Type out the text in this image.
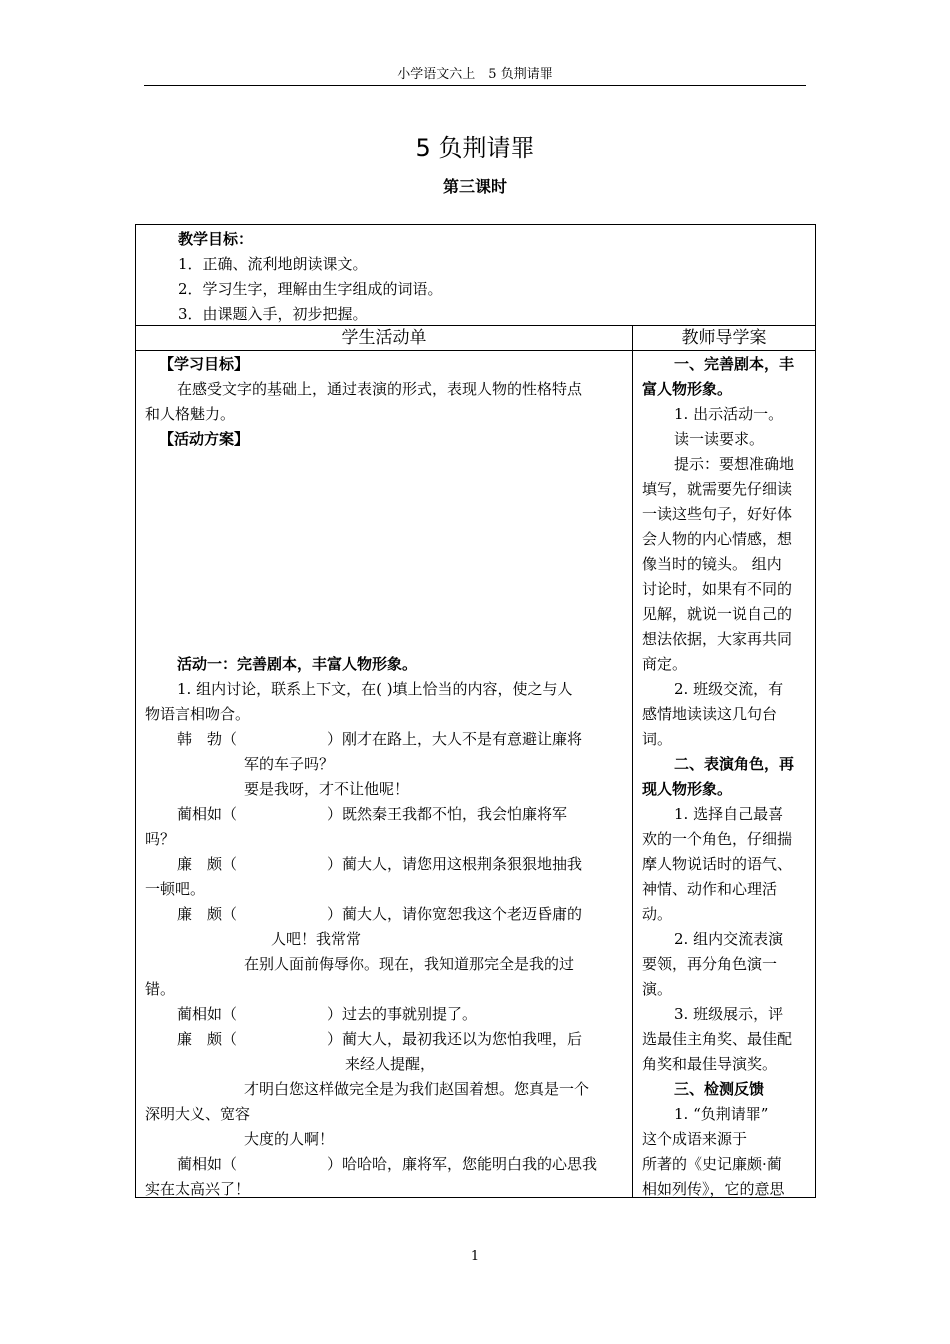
小学语文六上　5 负荆请罪
5 负荆请罪
第三课时

教学目标：

1．正确、流利地朗读课文。

2．学习生字，理解由生字组成的词语。

3．由课题入手，初步把握。

学生活动单	教师导学案

【学习目标】

在感受文字的基础上，通过表演的形式，表现人物的性格特点

和人格魅力。

【活动方案】

活动一：完善剧本，丰富人物形象。

1. 组内讨论，联系上下文，在( )填上恰当的内容，使之与人

物语言相吻合。

韩　勃（　　　　　　）刚才在路上，大人不是有意避让廉将

军的车子吗？

要是我呀，才不让他呢！

蔺相如（　　　　　　）既然秦王我都不怕，我会怕廉将军

吗？

廉　颇（　　　　　　）蔺大人，请您用这根荆条狠狠地抽我

一顿吧。

廉　颇（　　　　　　）蔺大人，请你宽恕我这个老迈昏庸的

人吧！我常常

在别人面前侮辱你。现在，我知道那完全是我的过

错。

蔺相如（　　　　　　）过去的事就别提了。

廉　颇（　　　　　　）蔺大人，最初我还以为您怕我哩，后

来经人提醒，

才明白您这样做完全是为我们赵国着想。您真是一个

深明大义、宽容

大度的人啊！

蔺相如（　　　　　　）哈哈哈，廉将军，您能明白我的心思我

实在太高兴了！

一、完善剧本，丰

富人物形象。

1. 出示活动一。

读一读要求。

提示：要想准确地

填写，就需要先仔细读

一读这些句子，好好体

会人物的内心情感，想

像当时的镜头。 组内

讨论时，如果有不同的

见解，就说一说自己的

想法依据，大家再共同

商定。

2. 班级交流，有

感情地读读这几句台

词。

二、表演角色，再

现人物形象。

1. 选择自己最喜

欢的一个角色，仔细揣

摩人物说话时的语气、

神情、动作和心理活

动。

2. 组内交流表演

要领，再分角色演一

演。

3. 班级展示，评

选最佳主角奖、最佳配

角奖和最佳导演奖。

三、检测反馈

1. “负荆请罪”

这个成语来源于

所著的《史记廉颇·蔺

相如列传》，它的意思

1
